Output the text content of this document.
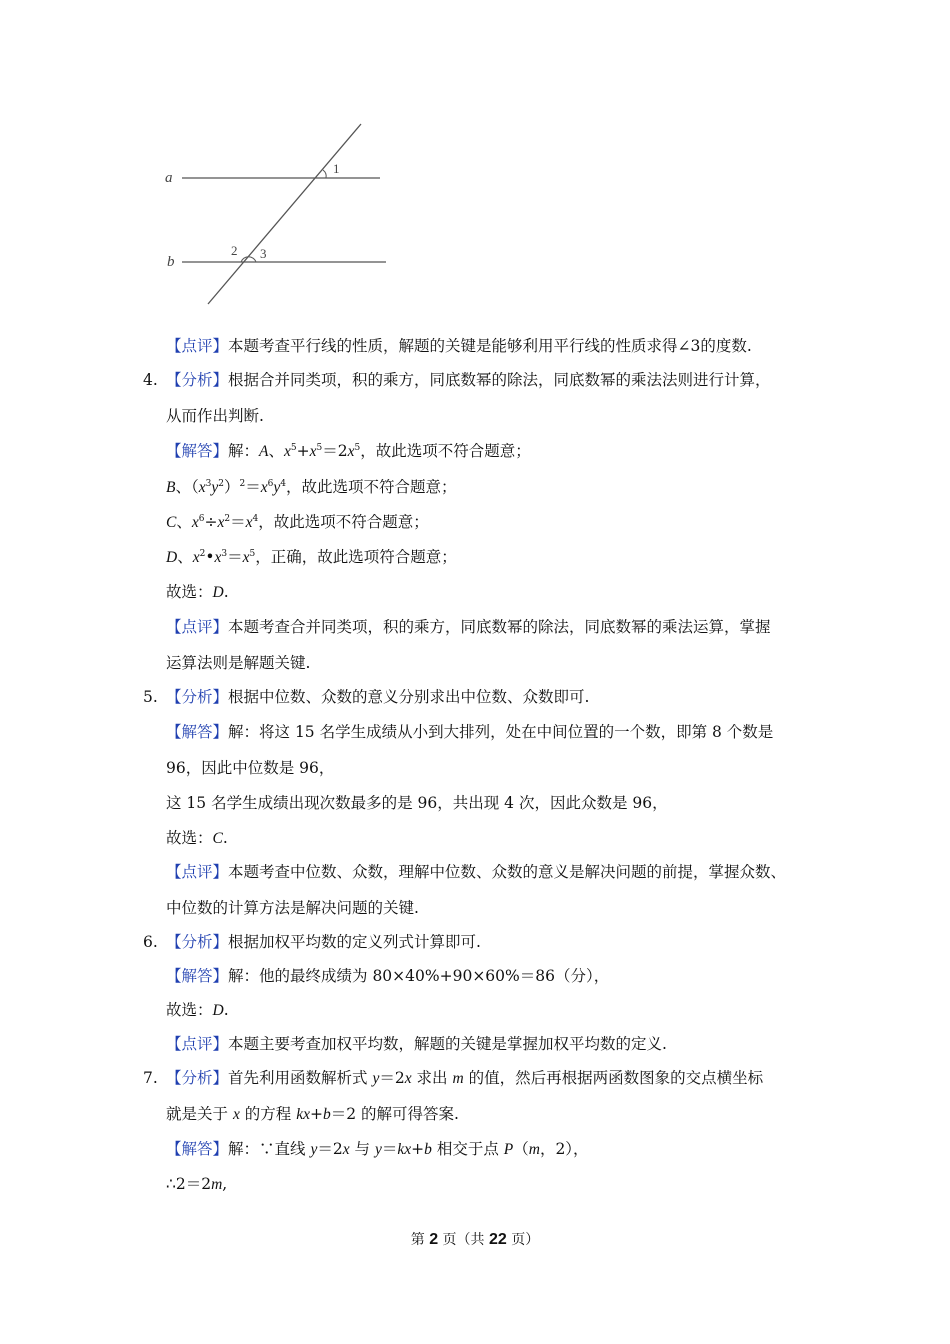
a
b
1
2 3
【点评】本题考查平行线的性质，解题的关键是能够利用平行线的性质求得∠3的度数.
4. 【分析】根据合并同类项，积的乘方，同底数幂的除法，同底数幂的乘法法则进行计算，
从而作出判断.
【解答】解：A、$x^5+x^5=2x^5$，故此选项不符合题意；
B、$(x^3y^2)^2=x^6y^4$，故此选项不符合题意；
C、$x^6\div x^2=x^4$，故此选项不符合题意；
D、$x^2•x^3=x^5$，正确，故此选项符合题意；
故选：D.
【点评】本题考查合并同类项，积的乘方，同底数幂的除法，同底数幂的乘法运算，掌握
运算法则是解题关键.
5. 【分析】根据中位数、众数的意义分别求出中位数、众数即可.
【解答】解：将这 15 名学生成绩从小到大排列，处在中间位置的一个数，即第 8 个数是
96，因此中位数是 96，
这 15 名学生成绩出现次数最多的是 96，共出现 4 次，因此众数是 96，
故选：C.
【点评】本题考查中位数、众数，理解中位数、众数的意义是解决问题的前提，掌握众数、
中位数的计算方法是解决问题的关键.
6. 【分析】根据加权平均数的定义列式计算即可.
【解答】解：他的最终成绩为 80×40%+90×60%＝86（分），
故选：D.
【点评】本题主要考查加权平均数，解题的关键是掌握加权平均数的定义.
7. 【分析】首先利用函数解析式 y＝2x 求出 m 的值，然后再根据两函数图象的交点横坐标
就是关于 x 的方程 kx+b＝2 的解可得答案.
【解答】解：∵直线 y＝2x 与 y＝kx+b 相交于点 P（m，2），
∴2＝2m,
第 2 页（共 22 页）
